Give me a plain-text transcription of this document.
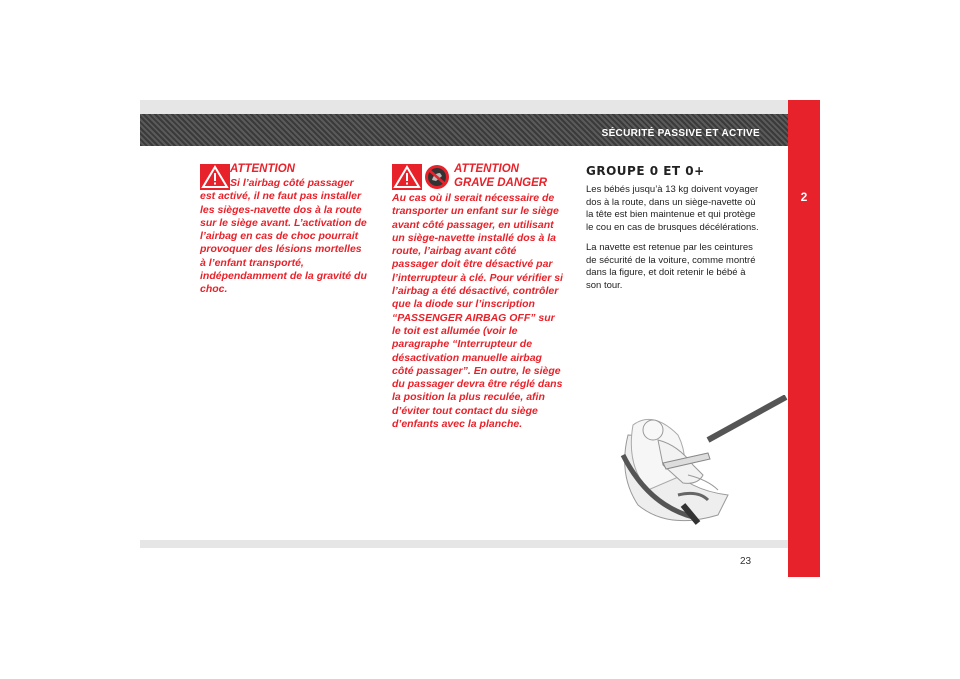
SÉCURITÉ PASSIVE ET ACTIVE
2
ATTENTION
Si l’airbag côté passager est activé, il ne faut pas installer les sièges-navette dos à la route sur le siège avant. L’activation de l’airbag en cas de choc pourrait provoquer des lésions mortelles à l’enfant transporté, indépendamment de la gravité du choc.
ATTENTION
GRAVE DANGER
Au cas où il serait nécessaire de transporter un enfant sur le siège avant côté passager, en utilisant un siège-navette installé dos à la route, l’airbag avant côté passager doit être désactivé par l’interrupteur à clé. Pour vérifier si l’airbag a été désactivé, contrôler que la diode sur l’inscription “PASSENGER AIRBAG OFF” sur le toit est allumée (voir le paragraphe “Interrupteur de désactivation manuelle airbag côté passager”. En outre, le siège du passager devra être réglé dans la position la plus reculée, afin d’éviter tout contact du siège d’enfants avec la planche.
GROUPE 0 ET 0+

Les bébés jusqu’à 13 kg doivent voyager dos à la route, dans un siège-navette où la tête est bien maintenue et qui protège le cou en cas de brusques décélérations.

La navette est retenue par les ceintures de sécurité de la voiture, comme montré dans la figure, et doit retenir le bébé à son tour.

23
